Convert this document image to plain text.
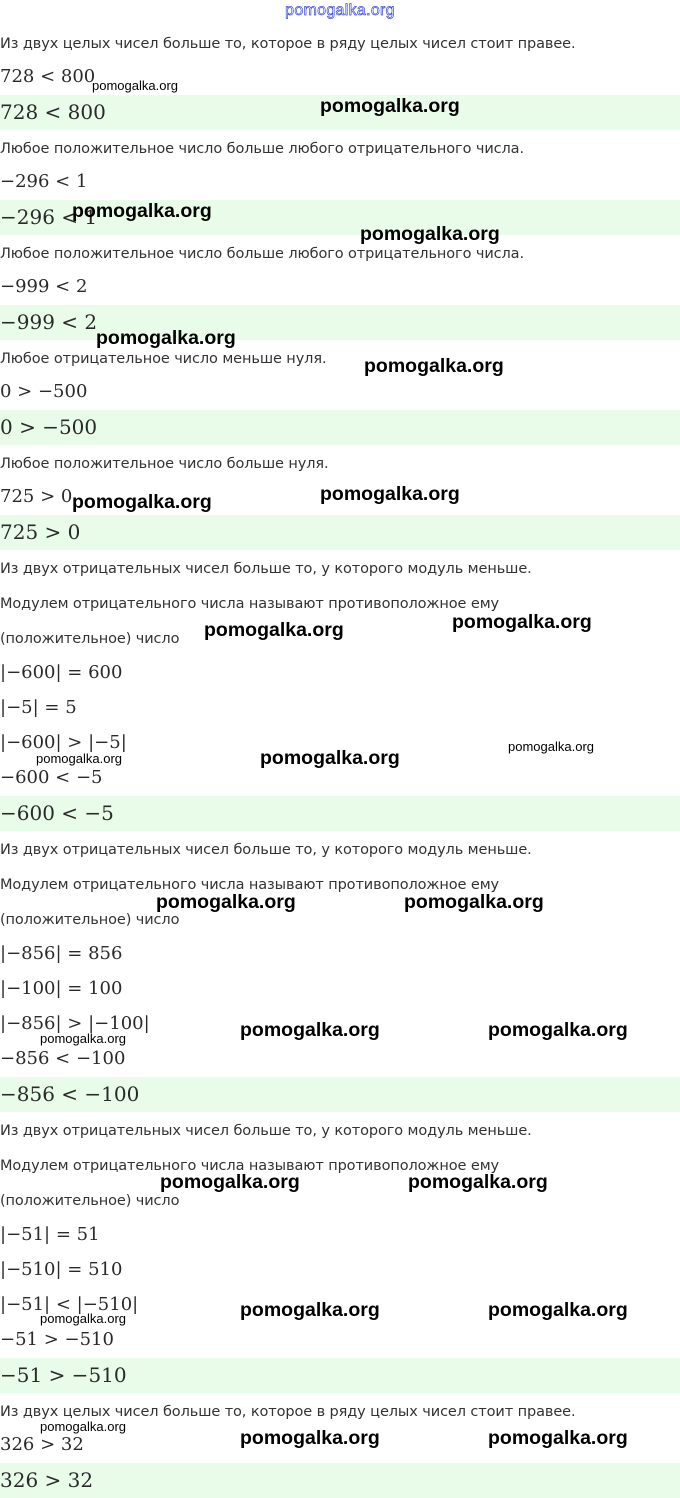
pomogalka.org
Из двух целых чисел больше то, которое в ряду целых чисел стоит правее.
728 < 800
728 < 800
Любое положительное число больше любого отрицательного числа.
−296 < 1
−296 < 1
Любое положительное число больше любого отрицательного числа.
−999 < 2
−999 < 2
Любое отрицательное число меньше нуля.
0 > −500
0 > −500
Любое положительное число больше нуля.
725 > 0
725 > 0
Из двух отрицательных чисел больше то, у которого модуль меньше.
Модулем отрицательного числа называют противоположное ему
(положительное) число
|−600| = 600
|−5| = 5
|−600| > |−5|
−600 < −5
−600 < −5
Из двух отрицательных чисел больше то, у которого модуль меньше.
Модулем отрицательного числа называют противоположное ему
(положительное) число
|−856| = 856
|−100| = 100
|−856| > |−100|
−856 < −100
−856 < −100
Из двух отрицательных чисел больше то, у которого модуль меньше.
Модулем отрицательного числа называют противоположное ему
(положительное) число
|−51| = 51
|−510| = 510
|−51| < |−510|
−51 > −510
−51 > −510
Из двух целых чисел больше то, которое в ряду целых чисел стоит правее.
326 > 32
326 > 32
pomogalka.org
pomogalka.org
pomogalka.org
pomogalka.org
pomogalka.org
pomogalka.org
pomogalka.org
pomogalka.org
pomogalka.org
pomogalka.org
pomogalka.org
pomogalka.org
pomogalka.org
pomogalka.org	pomogalka.org
pomogalka.org	pomogalka.org
pomogalka.org
pomogalka.org	pomogalka.org
pomogalka.org	pomogalka.org
pomogalka.org
pomogalka.org
pomogalka.org	pomogalka.org
